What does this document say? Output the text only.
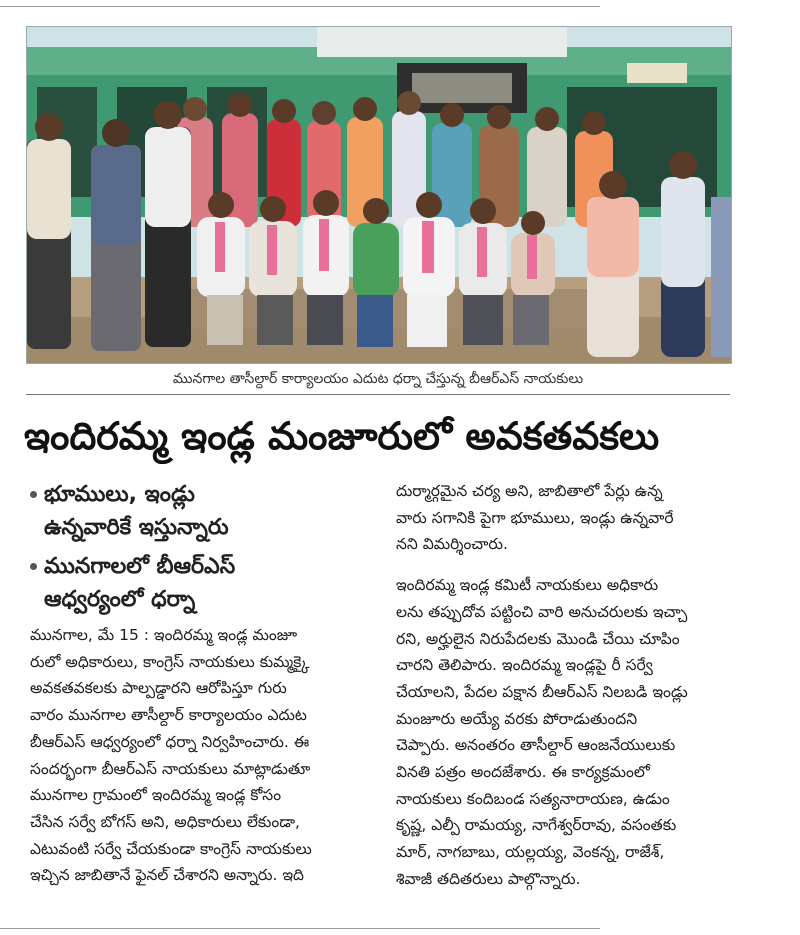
మునగాల తాసీల్దార్ కార్యాలయం ఎదుట ధర్నా చేస్తున్న బీఆర్ఎస్ నాయకులు
ఇందిరమ్మ ఇండ్ల మంజూరులో అవకతవకలు
భూములు, ఇండ్లు
ఉన్నవారికే ఇస్తున్నారు
మునగాలలో బీఆర్ఎస్
ఆధ్వర్యంలో ధర్నా
మునగాల, మే 15 : ఇందిరమ్మ ఇండ్ల మంజూ
రులో అధికారులు, కాంగ్రెస్ నాయకులు కుమ్మక్కై
అవకతవకలకు పాల్పడ్డారని ఆరోపిస్తూ గురు
వారం మునగాల తాసీల్దార్ కార్యాలయం ఎదుట
బీఆర్ఎస్ ఆధ్వర్యంలో ధర్నా నిర్వహించారు. ఈ
సందర్భంగా బీఆర్ఎస్ నాయకులు మాట్లాడుతూ
మునగాల గ్రామంలో ఇందిరమ్మ ఇండ్ల కోసం
చేసిన సర్వే బోగస్ అని, అధికారులు లేకుండా,
ఎటువంటి సర్వే చేయకుండా కాంగ్రెస్ నాయకులు
ఇచ్చిన జాబితానే ఫైనల్ చేశారని అన్నారు. ఇది
దుర్మార్గమైన చర్య అని, జాబితాలో పేర్లు ఉన్న
వారు సగానికి పైగా భూములు, ఇండ్లు ఉన్నవారే
నని విమర్శించారు.
ఇందిరమ్మ ఇండ్ల కమిటీ నాయకులు అధికారు
లను తప్పుదోవ పట్టించి వారి అనుచరులకు ఇచ్చా
రని, అర్హులైన నిరుపేదలకు మొండి చేయి చూపిం
చారని తెలిపారు. ఇందిరమ్మ ఇండ్లపై రీ సర్వే
చేయాలని, పేదల పక్షాన బీఆర్ఎస్ నిలబడి ఇండ్లు
మంజూరు అయ్యే వరకు పోరాడుతుందని
చెప్పారు. అనంతరం తాసీల్దార్ ఆంజనేయులుకు
వినతి పత్రం అందజేశారు. ఈ కార్యక్రమంలో
నాయకులు కందిబండ సత్యనారాయణ, ఉడుం
కృష్ణ, ఎల్పీ రామయ్య, నాగేశ్వర్‌రావు, వసంతకు
మార్, నాగబాబు, యల్లయ్య, వెంకన్న, రాజేశ్,
శివాజీ తదితరులు పాల్గొన్నారు.
